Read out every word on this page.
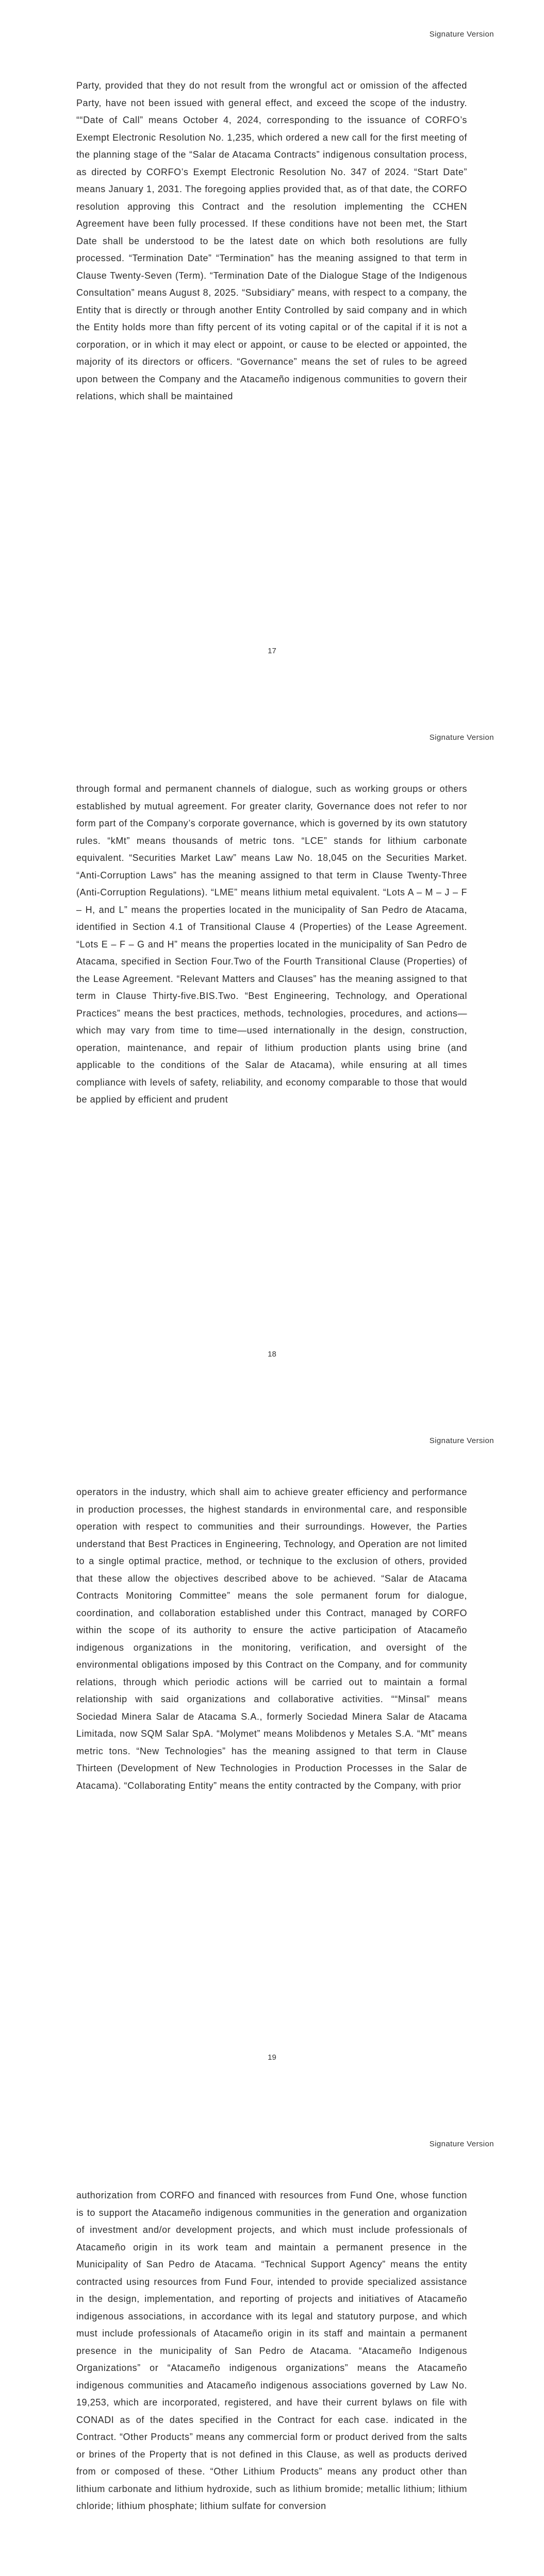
Signature Version
Party, provided that they do not result from the wrongful act or omission of the affected Party, have not been issued with general effect, and exceed the scope of the industry. ““Date of Call” means October 4, 2024, corresponding to the issuance of CORFO’s Exempt Electronic Resolution No. 1,235, which ordered a new call for the first meeting of the planning stage of the “Salar de Atacama Contracts” indigenous consultation process, as directed by CORFO’s Exempt Electronic Resolution No. 347 of 2024. “Start Date” means January 1, 2031. The foregoing applies provided that, as of that date, the CORFO resolution approving this Contract and the resolution implementing the CCHEN Agreement have been fully processed. If these conditions have not been met, the Start Date shall be understood to be the latest date on which both resolutions are fully processed. “Termination Date” “Termination” has the meaning assigned to that term in Clause Twenty-Seven (Term). “Termination Date of the Dialogue Stage of the Indigenous Consultation” means August 8, 2025. “Subsidiary” means, with respect to a company, the Entity that is directly or through another Entity Controlled by said company and in which the Entity holds more than fifty percent of its voting capital or of the capital if it is not a corporation, or in which it may elect or appoint, or cause to be elected or appointed, the majority of its directors or officers. “Governance” means the set of rules to be agreed upon between the Company and the Atacameño indigenous communities to govern their relations, which shall be maintained
17
Signature Version
through formal and permanent channels of dialogue, such as working groups or others established by mutual agreement. For greater clarity, Governance does not refer to nor form part of the Company’s corporate governance, which is governed by its own statutory rules. “kMt” means thousands of metric tons. “LCE” stands for lithium carbonate equivalent. “Securities Market Law” means Law No. 18,045 on the Securities Market. “Anti-Corruption Laws” has the meaning assigned to that term in Clause Twenty-Three (Anti-Corruption Regulations). “LME” means lithium metal equivalent. “Lots A – M – J – F – H, and L” means the properties located in the municipality of San Pedro de Atacama, identified in Section 4.1 of Transitional Clause 4 (Properties) of the Lease Agreement. “Lots E – F – G and H” means the properties located in the municipality of San Pedro de Atacama, specified in Section Four.Two of the Fourth Transitional Clause (Properties) of the Lease Agreement. “Relevant Matters and Clauses” has the meaning assigned to that term in Clause Thirty-five.BIS.Two. “Best Engineering, Technology, and Operational Practices” means the best practices, methods, technologies, procedures, and actions—which may vary from time to time—used internationally in the design, construction, operation, maintenance, and repair of lithium production plants using brine (and applicable to the conditions of the Salar de Atacama), while ensuring at all times compliance with levels of safety, reliability, and economy comparable to those that would be applied by efficient and prudent
18
Signature Version
operators in the industry, which shall aim to achieve greater efficiency and performance in production processes, the highest standards in environmental care, and responsible operation with respect to communities and their surroundings. However, the Parties understand that Best Practices in Engineering, Technology, and Operation are not limited to a single optimal practice, method, or technique to the exclusion of others, provided that these allow the objectives described above to be achieved. “Salar de Atacama Contracts Monitoring Committee” means the sole permanent forum for dialogue, coordination, and collaboration established under this Contract, managed by CORFO within the scope of its authority to ensure the active participation of Atacameño indigenous organizations in the monitoring, verification, and oversight of the environmental obligations imposed by this Contract on the Company, and for community relations, through which periodic actions will be carried out to maintain a formal relationship with said organizations and collaborative activities. ““Minsal” means Sociedad Minera Salar de Atacama S.A., formerly Sociedad Minera Salar de Atacama Limitada, now SQM Salar SpA. “Molymet” means Molibdenos y Metales S.A. “Mt” means metric tons. “New Technologies” has the meaning assigned to that term in Clause Thirteen (Development of New Technologies in Production Processes in the Salar de Atacama). “Collaborating Entity” means the entity contracted by the Company, with prior
19
Signature Version
authorization from CORFO and financed with resources from Fund One, whose function is to support the Atacameño indigenous communities in the generation and organization of investment and/or development projects, and which must include professionals of Atacameño origin in its work team and maintain a permanent presence in the Municipality of San Pedro de Atacama. “Technical Support Agency” means the entity contracted using resources from Fund Four, intended to provide specialized assistance in the design, implementation, and reporting of projects and initiatives of Atacameño indigenous associations, in accordance with its legal and statutory purpose, and which must include professionals of Atacameño origin in its staff and maintain a permanent presence in the municipality of San Pedro de Atacama. “Atacameño Indigenous Organizations” or “Atacameño indigenous organizations” means the Atacameño indigenous communities and Atacameño indigenous associations governed by Law No. 19,253, which are incorporated, registered, and have their current bylaws on file with CONADI as of the dates specified in the Contract for each case. indicated in the Contract. “Other Products” means any commercial form or product derived from the salts or brines of the Property that is not defined in this Clause, as well as products derived from or composed of these. “Other Lithium Products” means any product other than lithium carbonate and lithium hydroxide, such as lithium bromide; metallic lithium; lithium chloride; lithium phosphate; lithium sulfate for conversion
